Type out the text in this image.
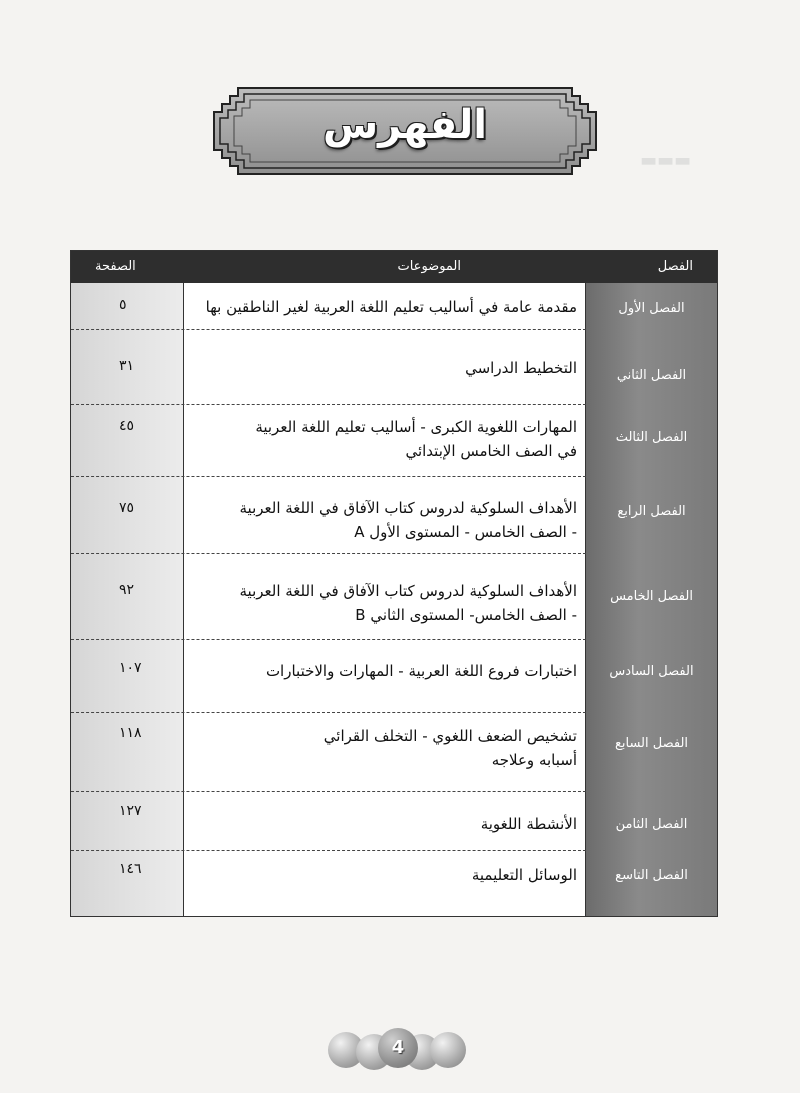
▬▬▬
الفهرس
الفصل
الموضوعات
الصفحة
الفصل الأول
مقدمة عامة في أساليب تعليم اللغة العربية لغير الناطقين بها
٥
الفصل الثاني
التخطيط الدراسي
٣١
الفصل الثالث
المهارات اللغوية الكبرى - أساليب تعليم اللغة العربية
في الصف الخامس الإبتدائي
٤٥
الفصل الرابع
الأهداف السلوكية لدروس كتاب الآفاق في اللغة العربية
- الصف الخامس - المستوى الأول A
٧٥
الفصل الخامس
الأهداف السلوكية لدروس كتاب الآفاق في اللغة العربية
- الصف الخامس- المستوى الثاني B
٩٢
الفصل السادس
اختبارات فروع اللغة العربية - المهارات والاختبارات
١٠٧
الفصل السابع
تشخيص الضعف اللغوي - التخلف القرائي
أسبابه وعلاجه
١١٨
الفصل الثامن
الأنشطة اللغوية
١٢٧
الفصل التاسع
الوسائل التعليمية
١٤٦
4
